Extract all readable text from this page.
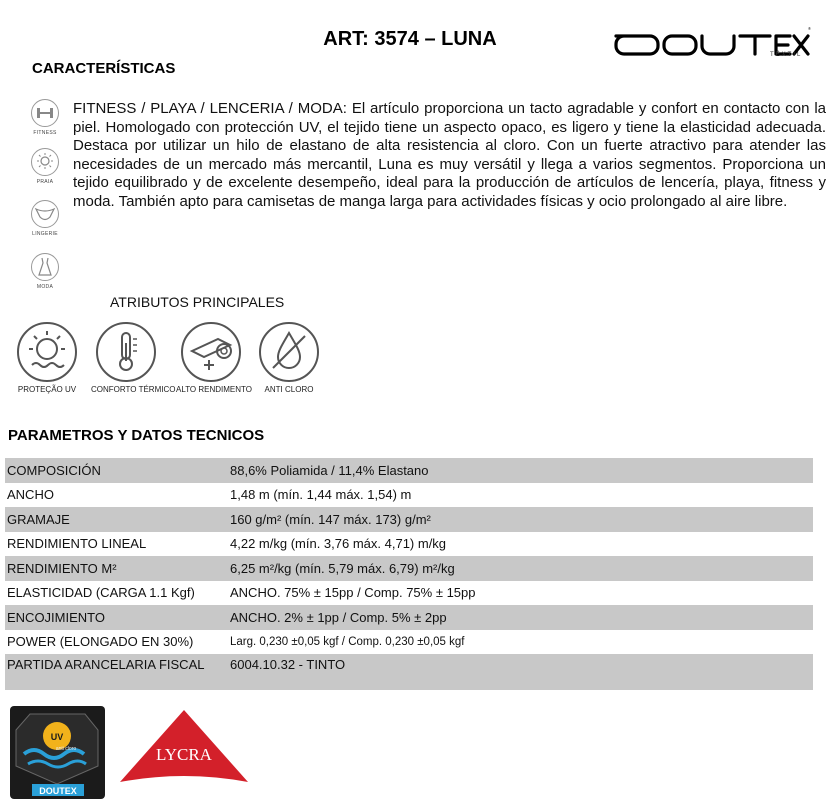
ART: 3574 – LUNA	®
TÊXTIL
CARACTERÍSTICAS
FITNESS / PLAYA / LENCERIA / MODA: El artículo proporciona un tacto agradable y confort en contacto con la piel. Homologado con protección UV, el tejido tiene un aspecto opaco, es ligero y tiene la elasticidad adecuada. Destaca por utilizar un hilo de elastano de alta resistencia al cloro. Con un fuerte atractivo para atender las necesidades de un mercado más mercantil, Luna es muy versátil y llega a varios segmentos. Proporciona un tejido equilibrado y de excelente desempeño, ideal para la producción de artículos de lencería, playa, fitness y moda. También apto para camisetas de manga larga para actividades físicas y ocio prolongado al aire libre.
FITNESS
PRAIA
LINGERIE
MODA
ATRIBUTOS PRINCIPALES
PROTEÇÃO UV	CONFORTO TÉRMICO ALTO RENDIMENTO	ANTI CLORO
PARAMETROS Y DATOS TECNICOS
COMPOSICIÓN	88,6% Poliamida / 11,4% Elastano
ANCHO	1,48 m (mín. 1,44 máx. 1,54) m
GRAMAJE	160 g/m² (mín. 147 máx. 173) g/m²
RENDIMIENTO LINEAL	4,22 m/kg (mín. 3,76 máx. 4,71) m/kg
RENDIMIENTO M²	6,25 m²/kg (mín. 5,79 máx. 6,79) m²/kg
ELASTICIDAD (CARGA 1.1 Kgf)	ANCHO. 75% ± 15pp / Comp. 75% ± 15pp
ENCOJIMIENTO	ANCHO. 2% ± 1pp / Comp. 5% ± 2pp
POWER (ELONGADO EN 30%)	Larg. 0,230 ±0,05 kgf / Comp. 0,230 ±0,05 kgf
PARTIDA ARANCELARIA FISCAL	6004.10.32 - TINTO
UV
anti cloro
DOUTEX
LYCRA
